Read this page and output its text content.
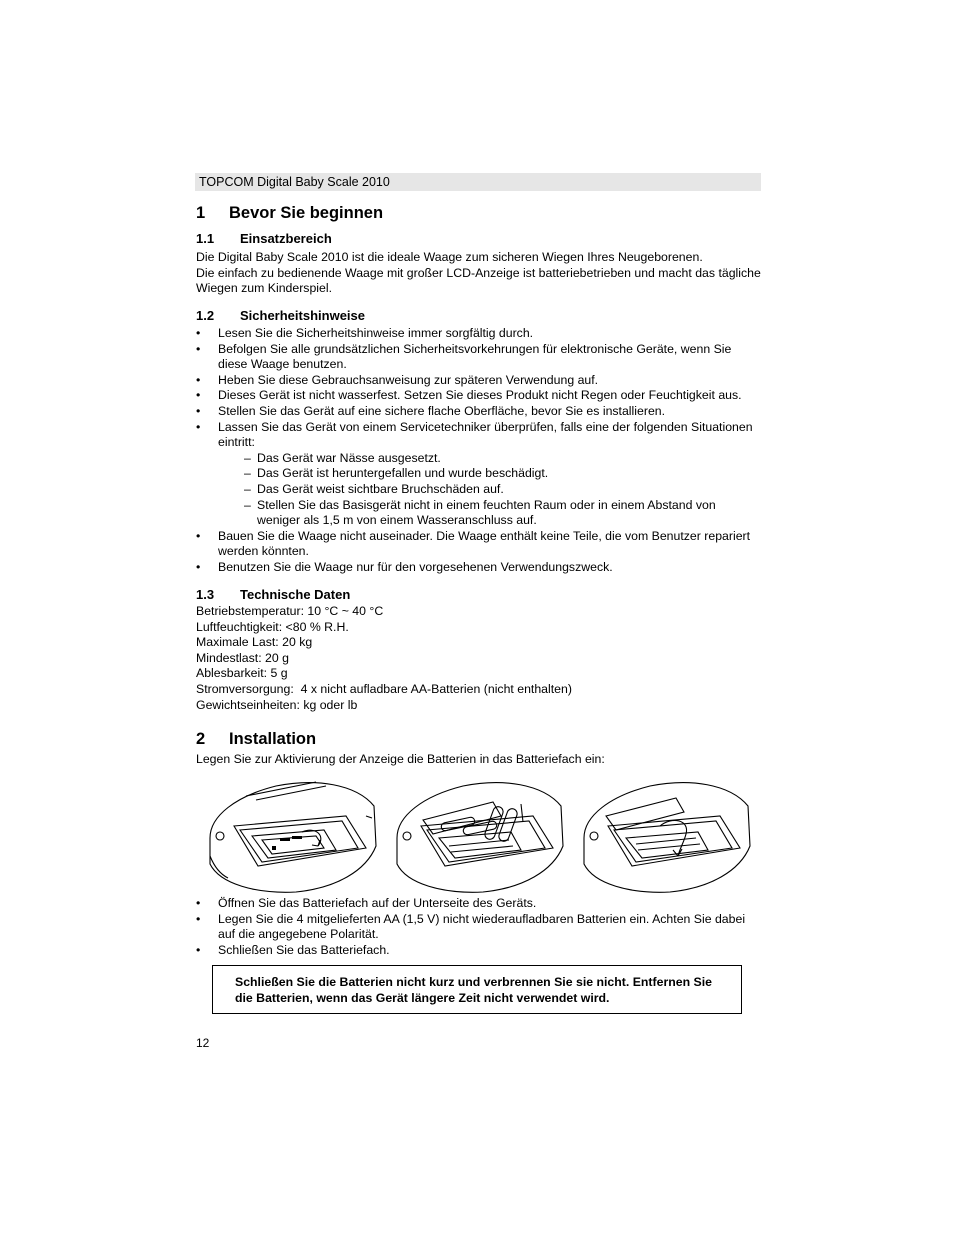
TOPCOM Digital Baby Scale 2010
1 Bevor Sie beginnen
1.1 Einsatzbereich

Die Digital Baby Scale 2010 ist die ideale Waage zum sicheren Wiegen Ihres Neugeborenen.

Die einfach zu bedienende Waage mit großer LCD-Anzeige ist batteriebetrieben und macht das tägliche Wiegen zum Kinderspiel.

1.2 Sicherheitshinweise
• Lesen Sie die Sicherheitshinweise immer sorgfältig durch.
• Befolgen Sie alle grundsätzlichen Sicherheitsvorkehrungen für elektronische Geräte, wenn Sie diese Waage benutzen.
• Heben Sie diese Gebrauchsanweisung zur späteren Verwendung auf.
• Dieses Gerät ist nicht wasserfest. Setzen Sie dieses Produkt nicht Regen oder Feuchtigkeit aus.
• Stellen Sie das Gerät auf eine sichere flache Oberfläche, bevor Sie es installieren.
• Lassen Sie das Gerät von einem Servicetechniker überprüfen, falls eine der folgenden Situationen eintritt:
– Das Gerät war Nässe ausgesetzt.
– Das Gerät ist heruntergefallen und wurde beschädigt.
– Das Gerät weist sichtbare Bruchschäden auf.
– Stellen Sie das Basisgerät nicht in einem feuchten Raum oder in einem Abstand von weniger als 1,5 m von einem Wasseranschluss auf.
• Bauen Sie die Waage nicht auseinader. Die Waage enthält keine Teile, die vom Benutzer repariert werden könnten.
• Benutzen Sie die Waage nur für den vorgesehenen Verwendungszweck.
1.3 Technische Daten

Betriebstemperatur: 10 °C ~ 40 °C

Luftfeuchtigkeit: <80 % R.H.

Maximale Last: 20 kg

Mindestlast: 20 g

Ablesbarkeit: 5 g

Stromversorgung:  4 x nicht aufladbare AA-Batterien (nicht enthalten)

Gewichtseinheiten: kg oder lb

2 Installation

Legen Sie zur Aktivierung der Anzeige die Batterien in das Batteriefach ein:

• Öffnen Sie das Batteriefach auf der Unterseite des Geräts.
• Legen Sie die 4 mitgelieferten AA (1,5 V) nicht wiederaufladbaren Batterien ein. Achten Sie dabei auf die angegebene Polarität.
• Schließen Sie das Batteriefach.
Schließen Sie die Batterien nicht kurz und verbrennen Sie sie nicht. Entfernen Sie die Batterien, wenn das Gerät längere Zeit nicht verwendet wird.
12
